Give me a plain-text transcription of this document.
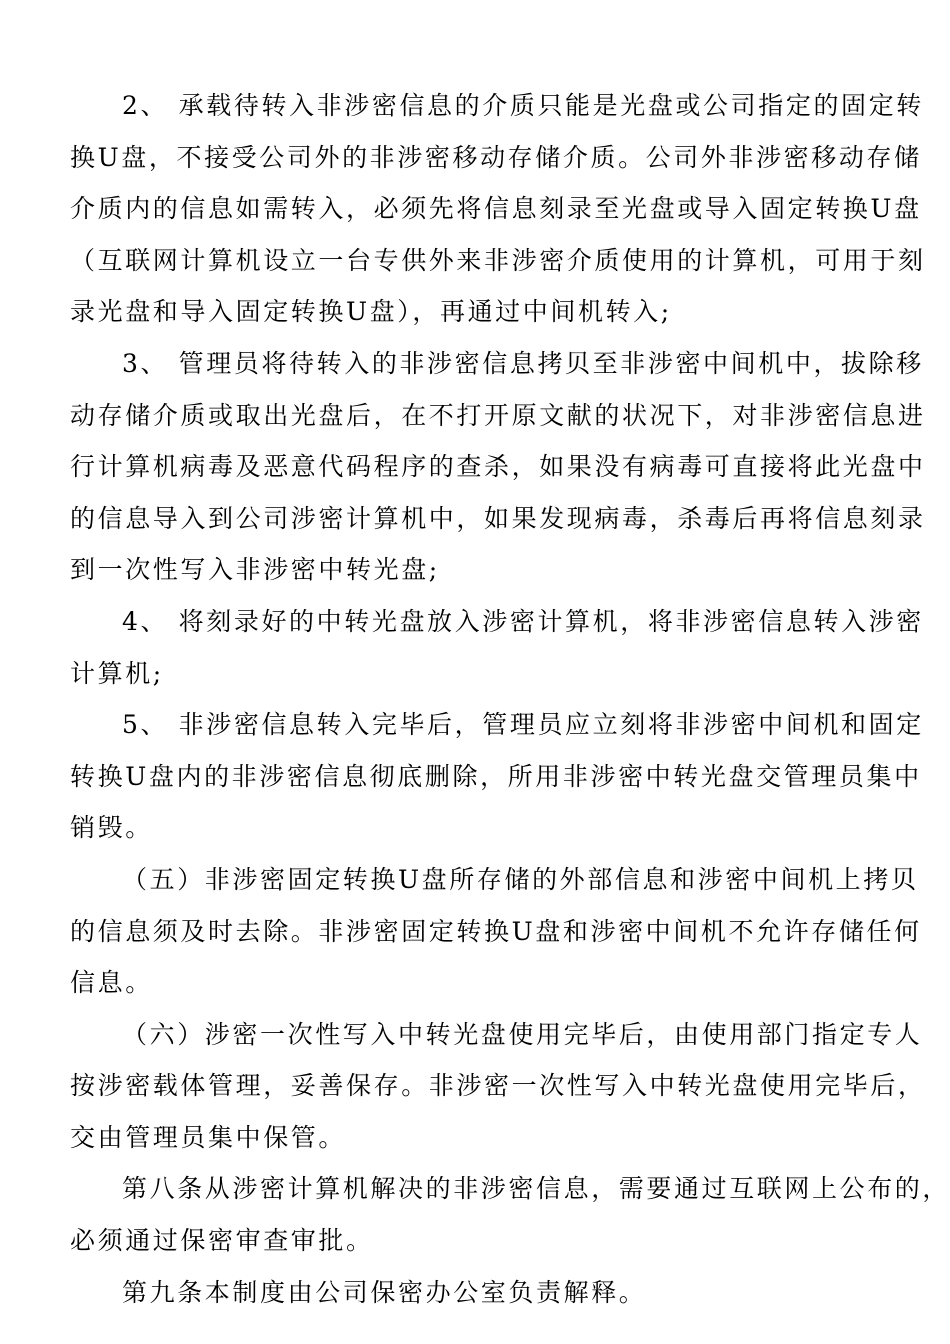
2、 承载待转入非涉密信息的介质只能是光盘或公司指定的固定转
换U盘，不接受公司外的非涉密移动存储介质。公司外非涉密移动存储
介质内的信息如需转入，必须先将信息刻录至光盘或导入固定转换U盘
（互联网计算机设立一台专供外来非涉密介质使用的计算机，可用于刻
录光盘和导入固定转换U盘），再通过中间机转入;
3、 管理员将待转入的非涉密信息拷贝至非涉密中间机中，拔除移
动存储介质或取出光盘后，在不打开原文献的状况下，对非涉密信息进
行计算机病毒及恶意代码程序的查杀，如果没有病毒可直接将此光盘中
的信息导入到公司涉密计算机中，如果发现病毒，杀毒后再将信息刻录
到一次性写入非涉密中转光盘;
4、 将刻录好的中转光盘放入涉密计算机，将非涉密信息转入涉密
计算机;
5、 非涉密信息转入完毕后，管理员应立刻将非涉密中间机和固定
转换U盘内的非涉密信息彻底删除，所用非涉密中转光盘交管理员集中
销毁。
（五）非涉密固定转换U盘所存储的外部信息和涉密中间机上拷贝
的信息须及时去除。非涉密固定转换U盘和涉密中间机不允许存储任何
信息。
（六）涉密一次性写入中转光盘使用完毕后，由使用部门指定专人
按涉密载体管理，妥善保存。非涉密一次性写入中转光盘使用完毕后，
交由管理员集中保管。
第八条从涉密计算机解决的非涉密信息，需要通过互联网上公布的，
必须通过保密审查审批。
第九条本制度由公司保密办公室负责解释。
